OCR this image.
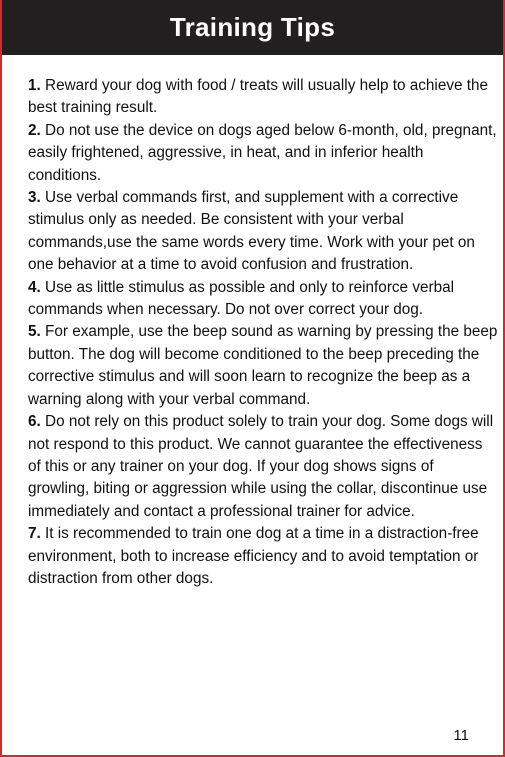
Training Tips

1. Reward your dog with food / treats will usually help to achieve the best training result.

2. Do not use the device on dogs aged below 6-month, old, pregnant, easily frightened, aggressive, in heat, and in inferior health conditions.

3. Use verbal commands first, and supplement with a corrective stimulus only as needed. Be consistent with your verbal commands,use the same words every time. Work with your pet on one behavior at a time to avoid confusion and frustration.

4. Use as little stimulus as possible and only to reinforce verbal commands when necessary. Do not over correct your dog.

5. For example, use the beep sound as warning by pressing the beep button. The dog will become conditioned to the beep preceding the corrective stimulus and will soon learn to recognize the beep as a warning along with your verbal command.

6. Do not rely on this product solely to train your dog. Some dogs will not respond to this product. We cannot guarantee the effectiveness of this or any trainer on your dog. If your dog shows signs of growling, biting or aggression while using the collar, discontinue use immediately and contact a professional trainer for advice.

7. It is recommended to train one dog at a time in a distraction-free environment, both to increase efficiency and to avoid temptation or distraction from other dogs.

11
